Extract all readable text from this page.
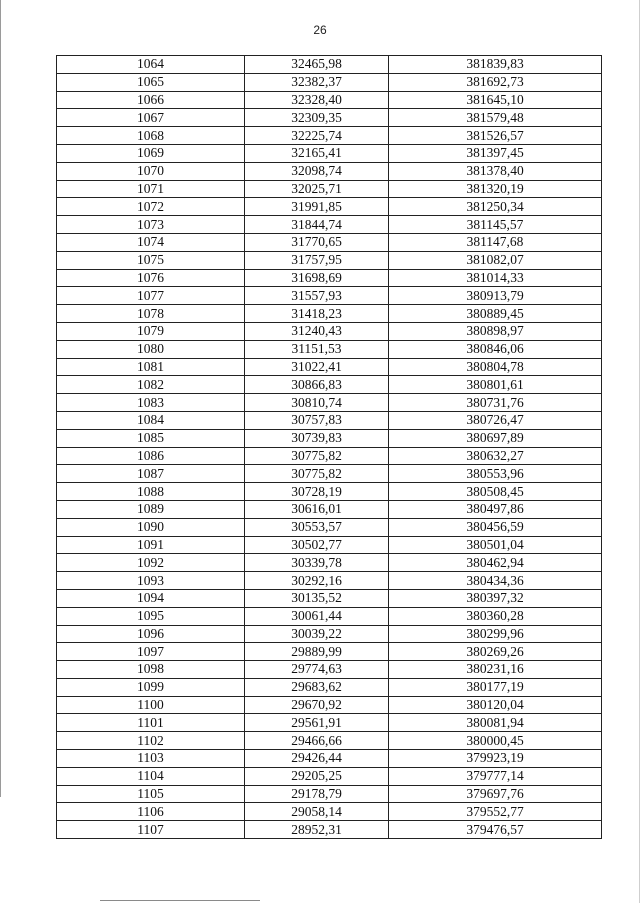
26
1064	32465,98	381839,83
1065	32382,37	381692,73
1066	32328,40	381645,10
1067	32309,35	381579,48
1068	32225,74	381526,57
1069	32165,41	381397,45
1070	32098,74	381378,40
1071	32025,71	381320,19
1072	31991,85	381250,34
1073	31844,74	381145,57
1074	31770,65	381147,68
1075	31757,95	381082,07
1076	31698,69	381014,33
1077	31557,93	380913,79
1078	31418,23	380889,45
1079	31240,43	380898,97
1080	31151,53	380846,06
1081	31022,41	380804,78
1082	30866,83	380801,61
1083	30810,74	380731,76
1084	30757,83	380726,47
1085	30739,83	380697,89
1086	30775,82	380632,27
1087	30775,82	380553,96
1088	30728,19	380508,45
1089	30616,01	380497,86
1090	30553,57	380456,59
1091	30502,77	380501,04
1092	30339,78	380462,94
1093	30292,16	380434,36
1094	30135,52	380397,32
1095	30061,44	380360,28
1096	30039,22	380299,96
1097	29889,99	380269,26
1098	29774,63	380231,16
1099	29683,62	380177,19
1100	29670,92	380120,04
1101	29561,91	380081,94
1102	29466,66	380000,45
1103	29426,44	379923,19
1104	29205,25	379777,14
1105	29178,79	379697,76
1106	29058,14	379552,77
1107	28952,31	379476,57
